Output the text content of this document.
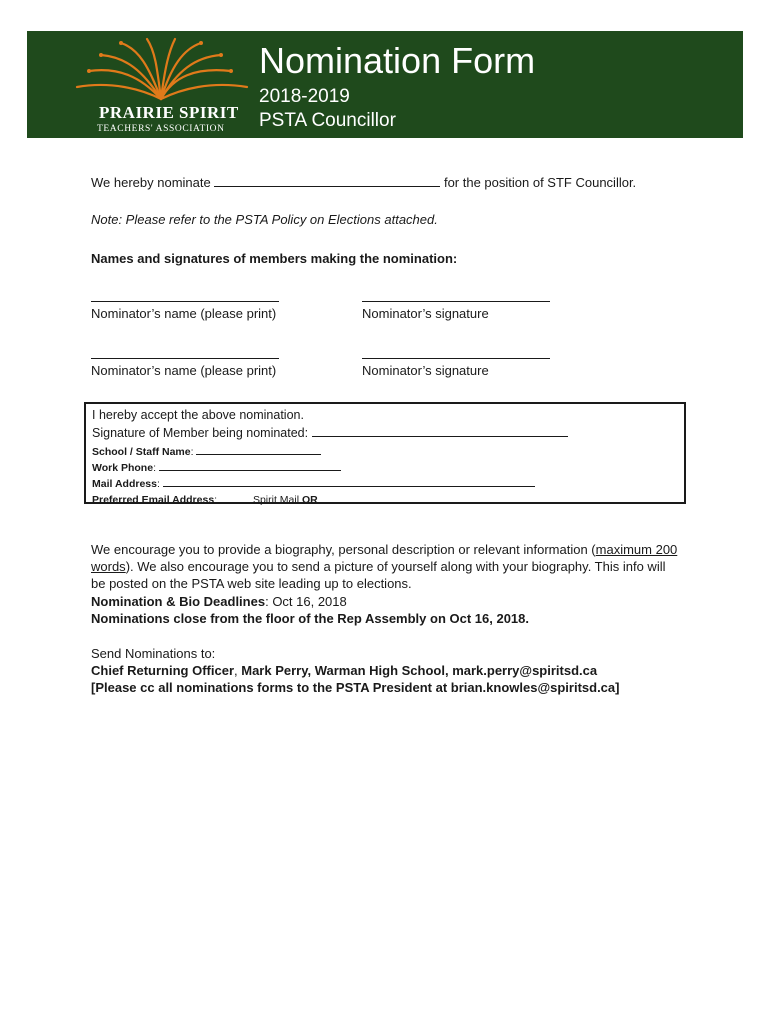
PRAIRIE SPIRIT
TEACHERS' ASSOCIATION
Nomination Form
2018-2019
PSTA Councillor
We hereby nominate	for the position of STF Councillor.
Note: Please refer to the PSTA Policy on Elections attached.
Names and signatures of members making the nomination:
Nominator’s name (please print)	Nominator’s signature
Nominator’s name (please print)	Nominator’s signature
I hereby accept the above nomination.
Signature of Member being nominated:
School / Staff Name:
Work Phone:
Mail Address:
Preferred Email Address:	Spirit Mail OR
We encourage you to provide a biography, personal description or relevant information (maximum 200
words). We also encourage you to send a picture of yourself along with your biography. This info will
be posted on the PSTA web site leading up to elections.
Nomination & Bio Deadlines: Oct 16, 2018
Nominations close from the floor of the Rep Assembly on Oct 16, 2018.
Send Nominations to:
Chief Returning Officer, Mark Perry, Warman High School, mark.perry@spiritsd.ca
[Please cc all nominations forms to the PSTA President at brian.knowles@spiritsd.ca]
